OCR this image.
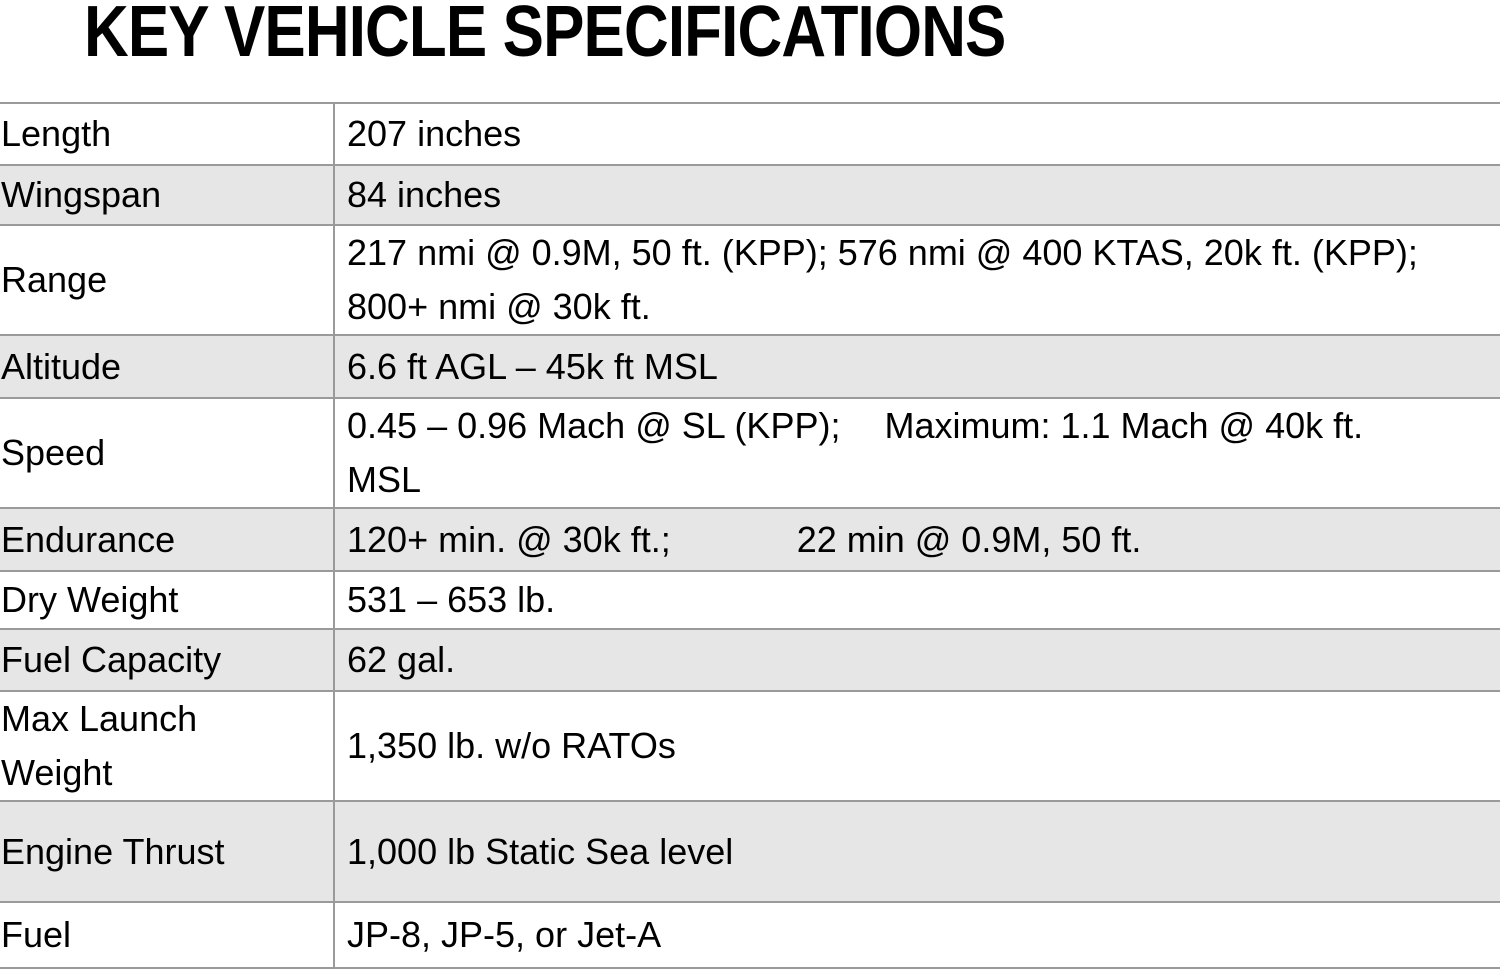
KEY VEHICLE SPECIFICATIONS
Length	207 inches
Wingspan	84 inches
Range	217 nmi @ 0.9M, 50 ft. (KPP); 576 nmi @ 400 KTAS, 20k ft. (KPP);
800+ nmi @ 30k ft.
Altitude	6.6 ft AGL – 45k ft MSL
Speed	0.45 – 0.96 Mach @ SL (KPP); Maximum: 1.1 Mach @ 40k ft.
MSL
Endurance	120+ min. @ 30k ft.; 22 min @ 0.9M, 50 ft.
Dry Weight	531 – 653 lb.
Fuel Capacity	62 gal.
Max Launch
Weight	1,350 lb. w/o RATOs
Engine Thrust	1,000 lb Static Sea level
Fuel	JP-8, JP-5, or Jet-A
